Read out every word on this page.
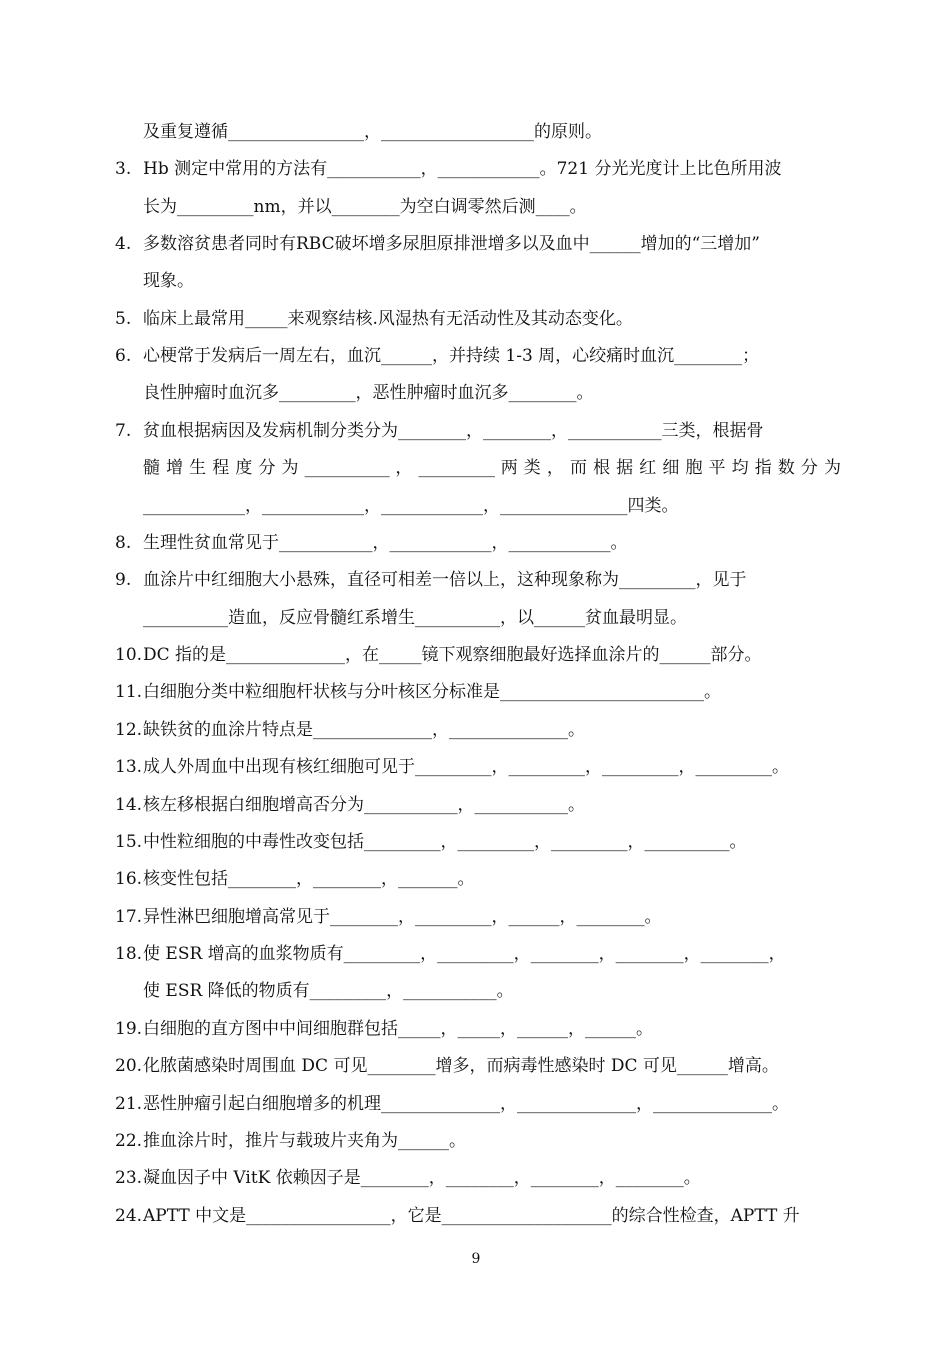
及重复遵循________________，__________________的原则。

3.

Hb 测定中常用的方法有___________，____________。721 分光光度计上比色所用波

长为_________nm，并以________为空白调零然后测____。

4.

多数溶贫患者同时有RBC破坏增多尿胆原排泄增多以及血中______增加的“三增加”

现象。

5.

临床上最常用_____来观察结核.风湿热有无活动性及其动态变化。

6.

心梗常于发病后一周左右，血沉______，并持续 1-3 周，心绞痛时血沉________；

良性肿瘤时血沉多_________，恶性肿瘤时血沉多________。

7.

贫血根据病因及发病机制分类分为________，________，___________三类，根据骨

髓 增 生 程 度 分 为 __________ ， _________ 两 类 ， 而 根 据 红 细 胞 平 均 指 数 分 为

____________，____________，____________，_______________四类。

8.

生理性贫血常见于___________，____________，____________。

9.

血涂片中红细胞大小悬殊，直径可相差一倍以上，这种现象称为_________，见于

__________造血，反应骨髓红系增生__________，以______贫血最明显。

10.

DC 指的是______________，在_____镜下观察细胞最好选择血涂片的______部分。

11.

白细胞分类中粒细胞杆状核与分叶核区分标准是________________________。

12.

缺铁贫的血涂片特点是______________，______________。

13.

成人外周血中出现有核红细胞可见于_________，_________，_________，_________。

14.

核左移根据白细胞增高否分为___________，___________。

15.

中性粒细胞的中毒性改变包括_________，_________，_________，__________。

16.

核变性包括________，________，_______。

17.

异性淋巴细胞增高常见于________，_________，______，________。

18.

使 ESR 增高的血浆物质有_________，_________，________，________，________，

使 ESR 降低的物质有_________，___________。

19.

白细胞的直方图中中间细胞群包括_____，_____，______，______。

20.

化脓菌感染时周围血 DC 可见________增多，而病毒性感染时 DC 可见______增高。

21.

恶性肿瘤引起白细胞增多的机理______________，______________，______________。

22.

推血涂片时，推片与载玻片夹角为______。

23.

凝血因子中 VitK 依赖因子是________，________，________，________。

24.

APTT 中文是_________________，它是____________________的综合性检查，APTT 升

9
